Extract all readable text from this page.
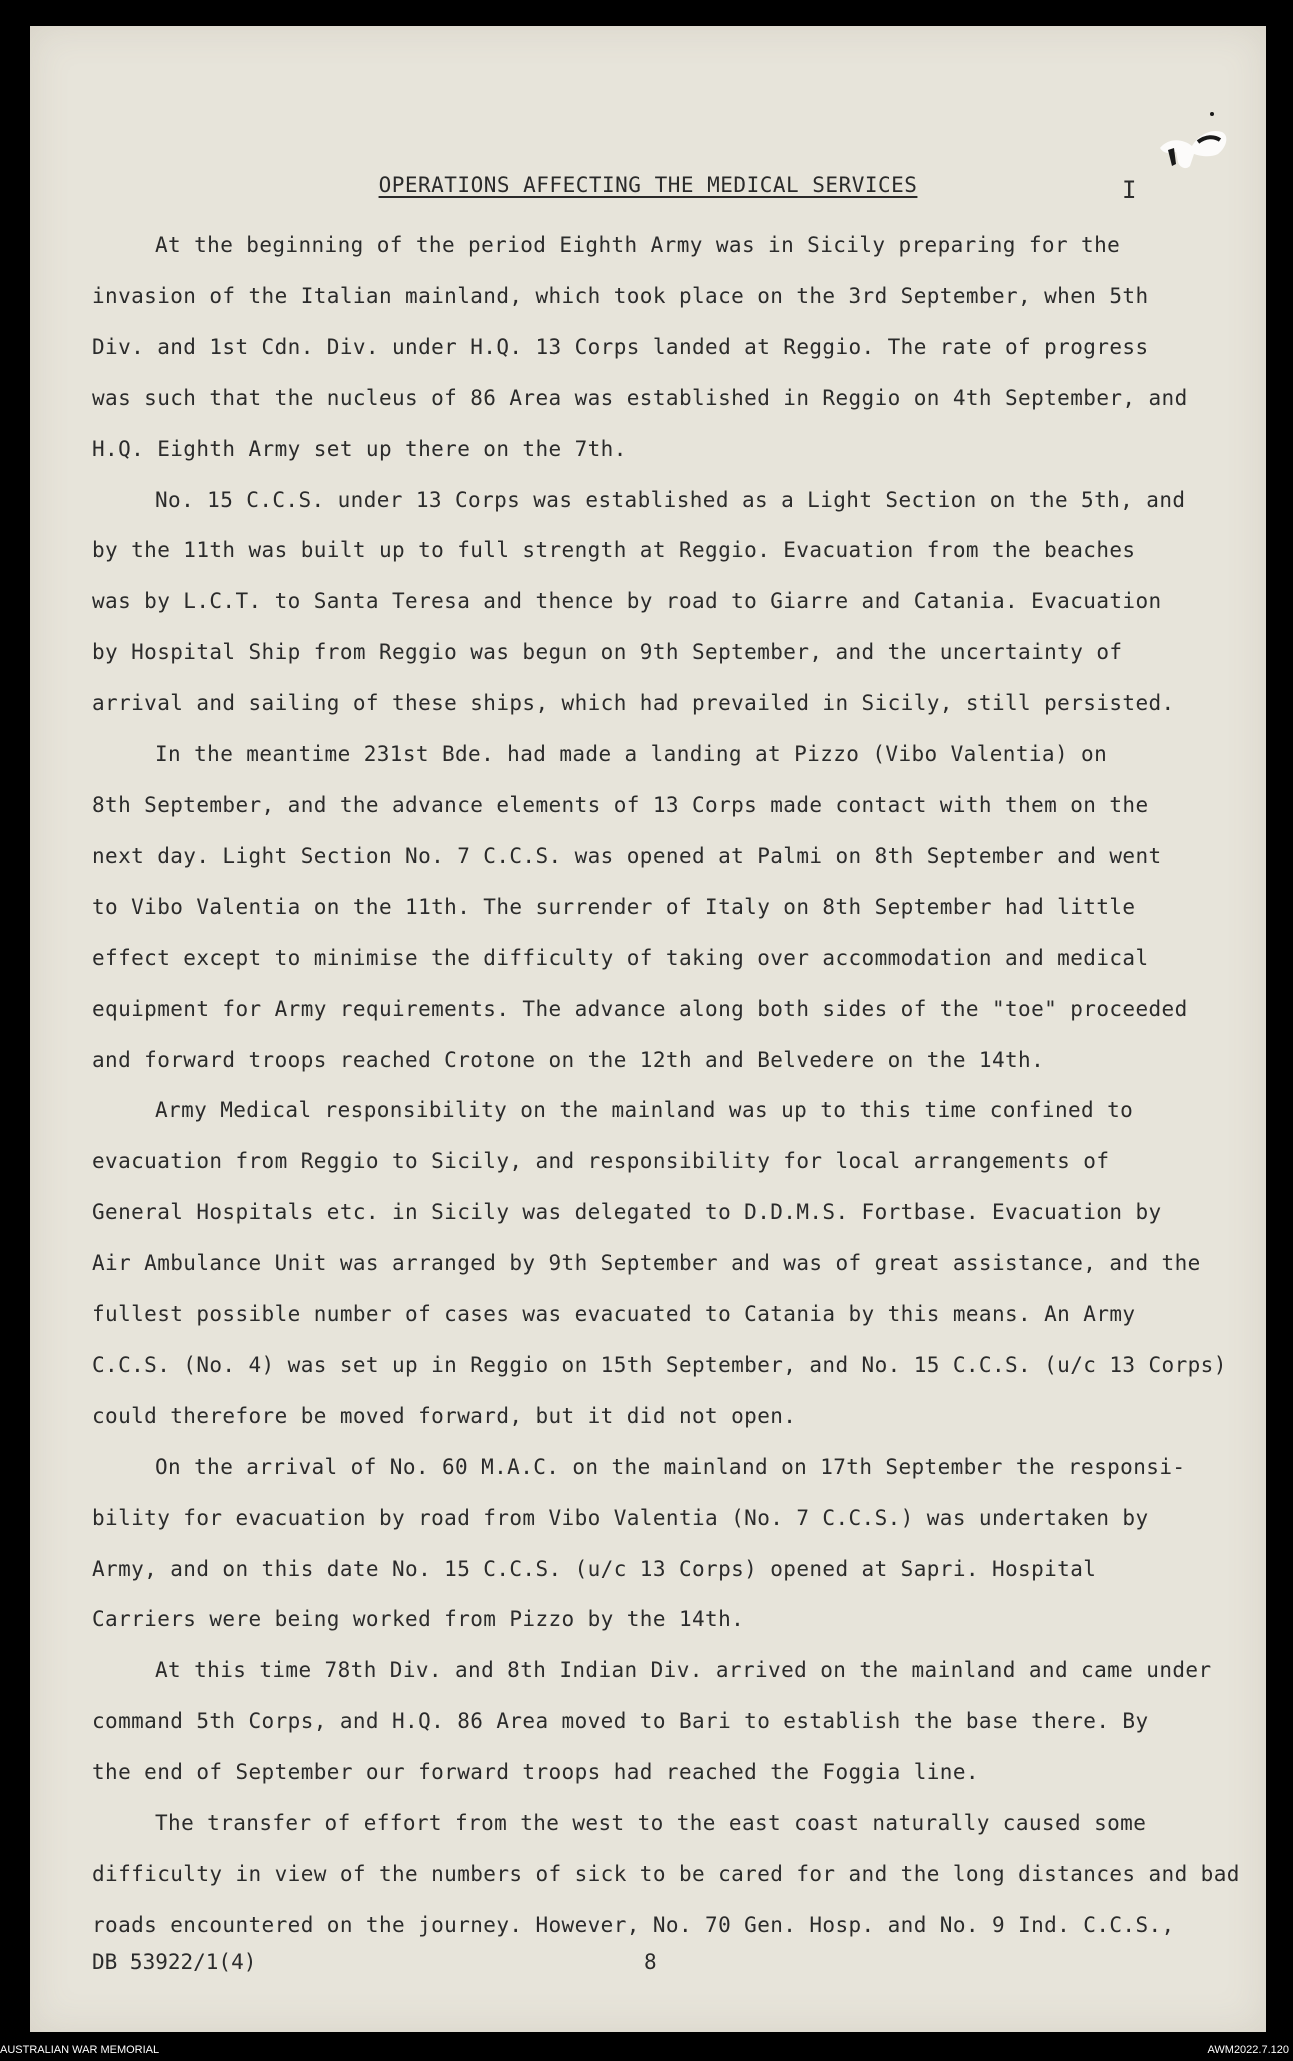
I
OPERATIONS AFFECTING THE MEDICAL SERVICES
At the beginning of the period Eighth Army was in Sicily preparing for the
invasion of the Italian mainland, which took place on the 3rd September, when 5th
Div. and 1st Cdn. Div. under H.Q. 13 Corps landed at Reggio. The rate of progress
was such that the nucleus of 86 Area was established in Reggio on 4th September, and
H.Q. Eighth Army set up there on the 7th.
No. 15 C.C.S. under 13 Corps was established as a Light Section on the 5th, and
by the 11th was built up to full strength at Reggio. Evacuation from the beaches
was by L.C.T. to Santa Teresa and thence by road to Giarre and Catania. Evacuation
by Hospital Ship from Reggio was begun on 9th September, and the uncertainty of
arrival and sailing of these ships, which had prevailed in Sicily, still persisted.
In the meantime 231st Bde. had made a landing at Pizzo (Vibo Valentia) on
8th September, and the advance elements of 13 Corps made contact with them on the
next day. Light Section No. 7 C.C.S. was opened at Palmi on 8th September and went
to Vibo Valentia on the 11th. The surrender of Italy on 8th September had little
effect except to minimise the difficulty of taking over accommodation and medical
equipment for Army requirements. The advance along both sides of the "toe" proceeded
and forward troops reached Crotone on the 12th and Belvedere on the 14th.
Army Medical responsibility on the mainland was up to this time confined to
evacuation from Reggio to Sicily, and responsibility for local arrangements of
General Hospitals etc. in Sicily was delegated to D.D.M.S. Fortbase. Evacuation by
Air Ambulance Unit was arranged by 9th September and was of great assistance, and the
fullest possible number of cases was evacuated to Catania by this means. An Army
C.C.S. (No. 4) was set up in Reggio on 15th September, and No. 15 C.C.S. (u/c 13 Corps)
could therefore be moved forward, but it did not open.
On the arrival of No. 60 M.A.C. on the mainland on 17th September the responsi-
bility for evacuation by road from Vibo Valentia (No. 7 C.C.S.) was undertaken by
Army, and on this date No. 15 C.C.S. (u/c 13 Corps) opened at Sapri. Hospital
Carriers were being worked from Pizzo by the 14th.
At this time 78th Div. and 8th Indian Div. arrived on the mainland and came under
command 5th Corps, and H.Q. 86 Area moved to Bari to establish the base there. By
the end of September our forward troops had reached the Foggia line.
The transfer of effort from the west to the east coast naturally caused some
difficulty in view of the numbers of sick to be cared for and the long distances and bad
roads encountered on the journey. However, No. 70 Gen. Hosp. and No. 9 Ind. C.C.S.,
DB 53922/1(4)	8
AUSTRALIAN WAR MEMORIAL	AWM2022.7.120
